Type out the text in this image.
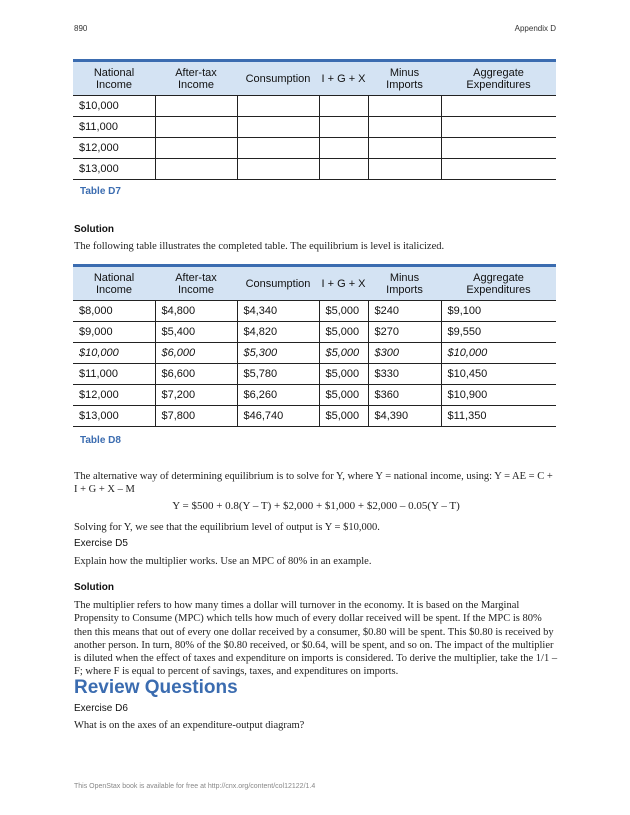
890	Appendix D
National Income	After-tax Income	Consumption	I + G + X	Minus Imports	Aggregate Expenditures
$10,000					
$11,000					
$12,000					
$13,000					
Table D7
Solution
The following table illustrates the completed table. The equilibrium is level is italicized.
National Income	After-tax Income	Consumption	I + G + X	Minus Imports	Aggregate Expenditures
$8,000	$4,800	$4,340	$5,000	$240	$9,100
$9,000	$5,400	$4,820	$5,000	$270	$9,550
$10,000	$6,000	$5,300	$5,000	$300	$10,000
$11,000	$6,600	$5,780	$5,000	$330	$10,450
$12,000	$7,200	$6,260	$5,000	$360	$10,900
$13,000	$7,800	$46,740	$5,000	$4,390	$11,350
Table D8
The alternative way of determining equilibrium is to solve for Y, where Y = national income, using: Y = AE = C + I + G + X – M
Y = $500 + 0.8(Y – T) + $2,000 + $1,000 + $2,000 – 0.05(Y – T)
Solving for Y, we see that the equilibrium level of output is Y = $10,000.
Exercise D5
Explain how the multiplier works. Use an MPC of 80% in an example.
Solution
The multiplier refers to how many times a dollar will turnover in the economy. It is based on the Marginal Propensity to Consume (MPC) which tells how much of every dollar received will be spent. If the MPC is 80% then this means that out of every one dollar received by a consumer, $0.80 will be spent. This $0.80 is received by another person. In turn, 80% of the $0.80 received, or $0.64, will be spent, and so on. The impact of the multiplier is diluted when the effect of taxes and expenditure on imports is considered. To derive the multiplier, take the 1/1 – F; where F is equal to percent of savings, taxes, and expenditures on imports.
Review Questions
Exercise D6
What is on the axes of an expenditure-output diagram?
This OpenStax book is available for free at http://cnx.org/content/col12122/1.4
